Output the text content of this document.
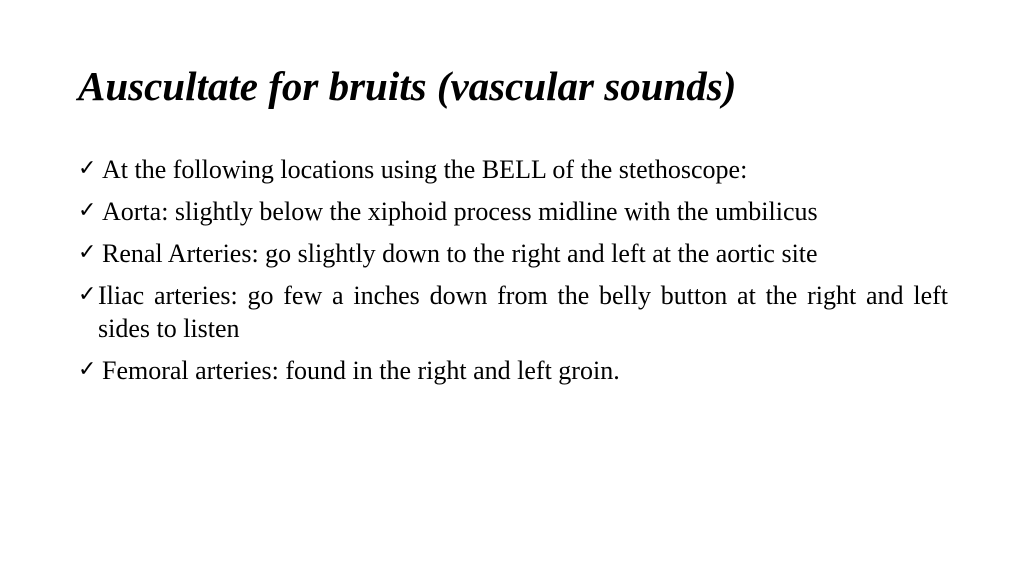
Auscultate for bruits (vascular sounds)
✓ At the following locations using the BELL of the stethoscope:
✓ Aorta: slightly below the xiphoid process midline with the umbilicus
✓ Renal Arteries: go slightly down to the right and left at the aortic site
✓ Iliac arteries: go few a inches down from the belly button at the right and left sides to listen
✓ Femoral arteries: found in the right and left groin.
